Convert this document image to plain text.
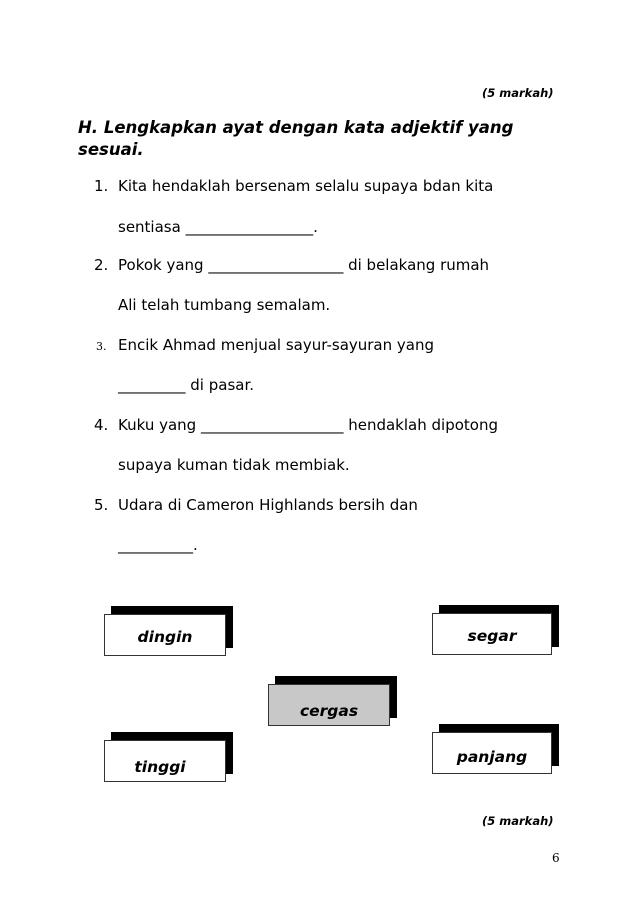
(5 markah)
H. Lengkapkan ayat dengan kata adjektif yang sesuai.
1. Kita hendaklah bersenam selalu supaya bdan kita
sentiasa _________________.
2. Pokok yang __________________ di belakang rumah
Ali telah tumbang semalam.
3. Encik Ahmad menjual sayur-sayuran yang
_________ di pasar.
4. Kuku yang ___________________ hendaklah dipotong
supaya kuman tidak membiak.
5. Udara di Cameron Highlands bersih dan
__________.
dingin	segar
cergas
tinggi
panjang
(5 markah)
6
